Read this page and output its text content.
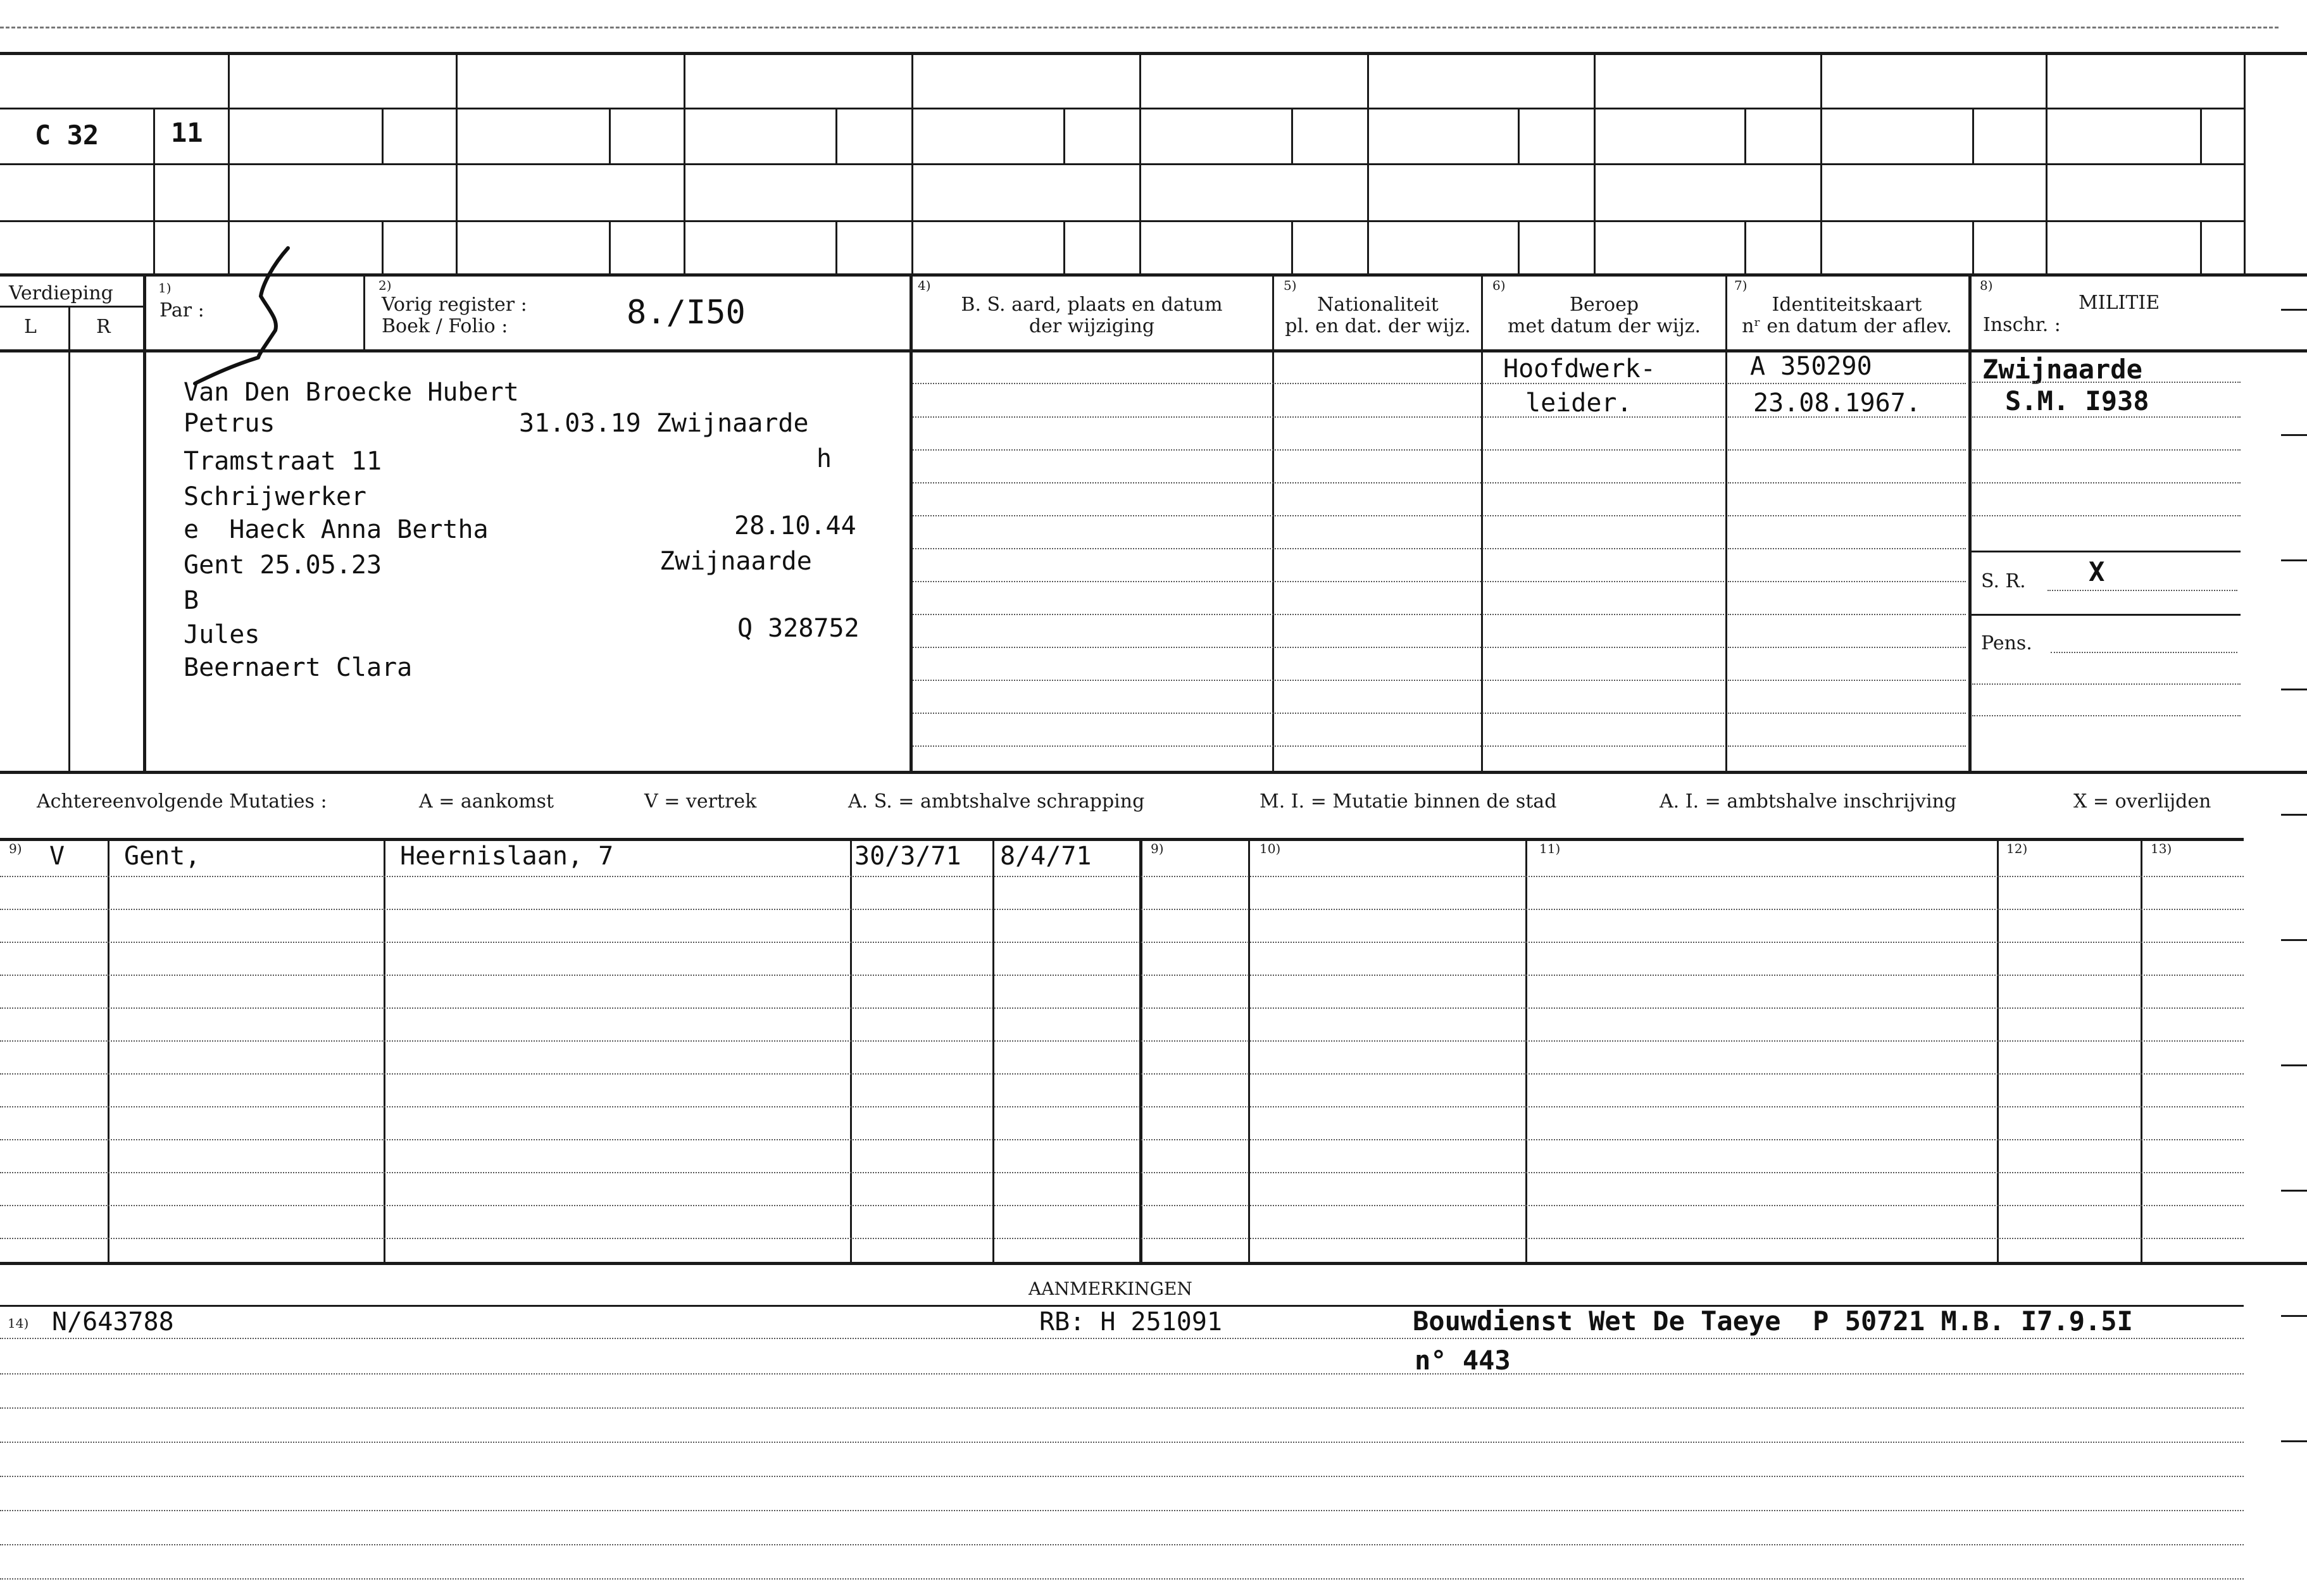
C 32	11
Verdieping
L	R
1)
Par :
2)
Vorig register :
Boek / Folio :	8./I50
4)
B. S. aard, plaats en datum
der wijziging
5)
Nationaliteit
pl. en dat. der wijz.
6)
Beroep
met datum der wijz.
7)
Identiteitskaart
nʳ en datum der aflev.
8)
MILITIE
Inschr. :
Van Den Broecke Hubert
Petrus	31.03.19 Zwijnaarde
Tramstraat 11	h
Schrijwerker
e  Haeck Anna Bertha	28.10.44
Gent 25.05.23	Zwijnaarde
B
Jules	Q 328752
Beernaert Clara
Hoofdwerk-
leider.
A 350290
23.08.1967.
Zwijnaarde
S.M. I938
S. R. X
Pens.
Achtereenvolgende Mutaties :	A = aankomst	V = vertrek	A. S. = ambtshalve schrapping	M. I. = Mutatie binnen de stad	A. I. = ambtshalve inschrijving	X = overlijden
9)	9)	10)	11)	12)	13)
V Gent,	Heernislaan, 7	30/3/71 8/4/71
AANMERKINGEN
14) N/643788	RB: H 251091	Bouwdienst Wet De Taeye  P 50721 M.B. I7.9.5I
n° 443
